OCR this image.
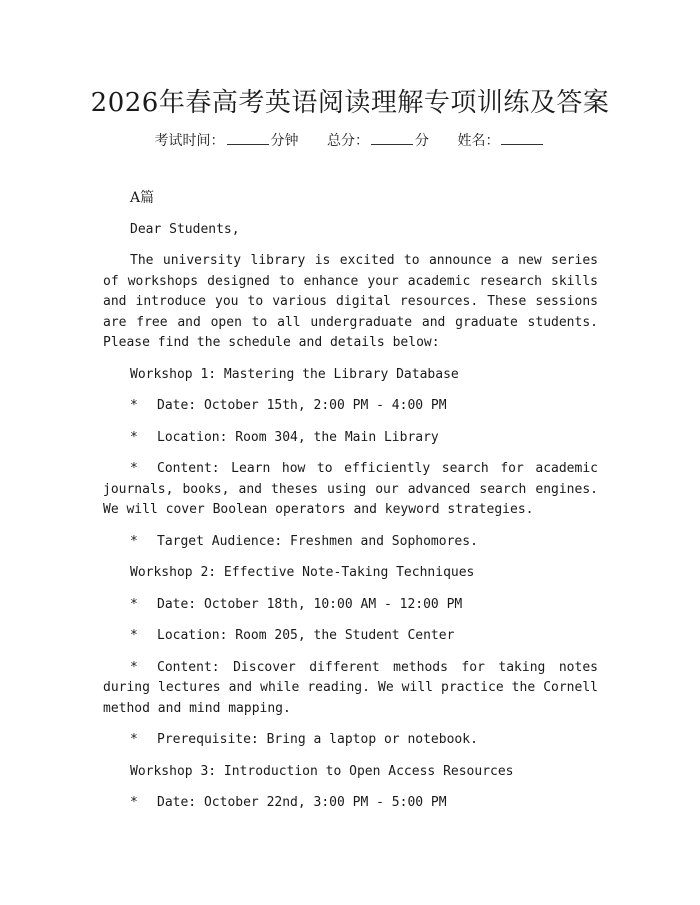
2026年春高考英语阅读理解专项训练及答案
考试时间：	分钟 总分：	分 姓名：

A篇

Dear Students,

The university library is excited to announce a new series of workshops designed to enhance your academic research skills and introduce you to various digital resources. These sessions are free and open to all undergraduate and graduate students. Please find the schedule and details below:

Workshop 1: Mastering the Library Database

* Date: October 15th, 2:00 PM - 4:00 PM

* Location: Room 304, the Main Library

* Content: Learn how to efficiently search for academic journals, books, and theses using our advanced search engines. We will cover Boolean operators and keyword strategies.

* Target Audience: Freshmen and Sophomores.

Workshop 2: Effective Note-Taking Techniques

* Date: October 18th, 10:00 AM - 12:00 PM

* Location: Room 205, the Student Center

* Content: Discover different methods for taking notes during lectures and while reading. We will practice the Cornell method and mind mapping.

* Prerequisite: Bring a laptop or notebook.

Workshop 3: Introduction to Open Access Resources

* Date: October 22nd, 3:00 PM - 5:00 PM
